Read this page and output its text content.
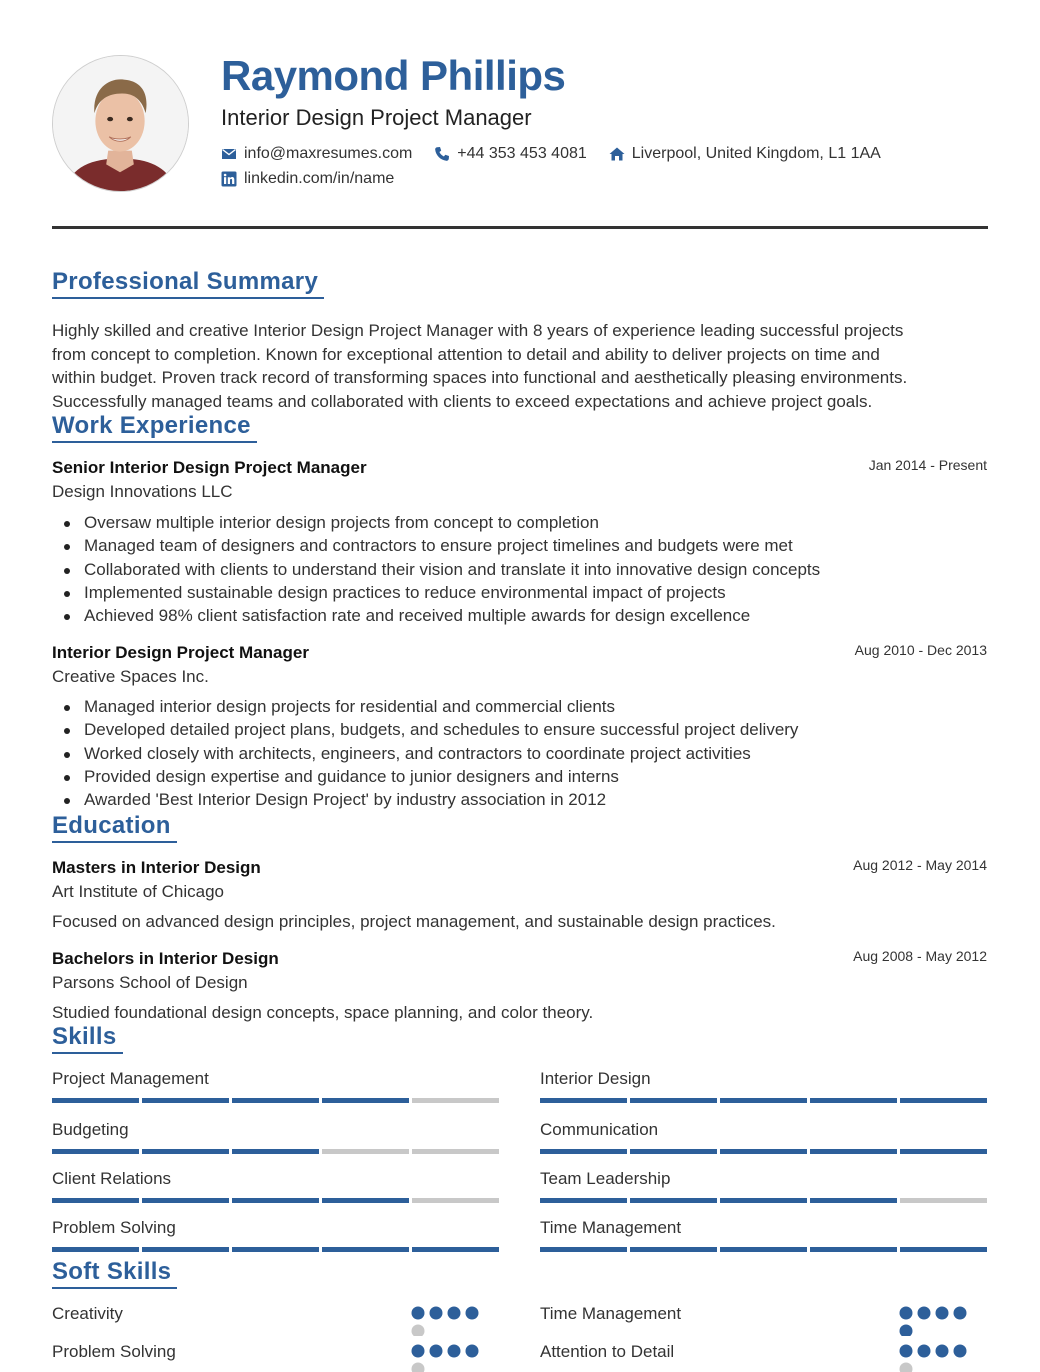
Raymond Phillips
Interior Design Project Manager
info@maxresumes.com	+44 353 453 4081	Liverpool, United Kingdom, L1 1AA
linkedin.com/in/name
Professional Summary
Highly skilled and creative Interior Design Project Manager with 8 years of experience leading successful projects
from concept to completion. Known for exceptional attention to detail and ability to deliver projects on time and
within budget. Proven track record of transforming spaces into functional and aesthetically pleasing environments.
Successfully managed teams and collaborated with clients to exceed expectations and achieve project goals.
Work Experience
Senior Interior Design Project Manager	Jan 2014 - Present
Design Innovations LLC
Oversaw multiple interior design projects from concept to completion
Managed team of designers and contractors to ensure project timelines and budgets were met
Collaborated with clients to understand their vision and translate it into innovative design concepts
Implemented sustainable design practices to reduce environmental impact of projects
Achieved 98% client satisfaction rate and received multiple awards for design excellence
Interior Design Project Manager	Aug 2010 - Dec 2013
Creative Spaces Inc.
Managed interior design projects for residential and commercial clients
Developed detailed project plans, budgets, and schedules to ensure successful project delivery
Worked closely with architects, engineers, and contractors to coordinate project activities
Provided design expertise and guidance to junior designers and interns
Awarded 'Best Interior Design Project' by industry association in 2012
Education
Masters in Interior Design	Aug 2012 - May 2014
Art Institute of Chicago
Focused on advanced design principles, project management, and sustainable design practices.
Bachelors in Interior Design	Aug 2008 - May 2012
Parsons School of Design
Studied foundational design concepts, space planning, and color theory.
Skills
Project Management	Interior Design
Budgeting	Communication
Client Relations	Team Leadership
Problem Solving	Time Management
Soft Skills
Creativity	Time Management
Problem Solving	Attention to Detail
